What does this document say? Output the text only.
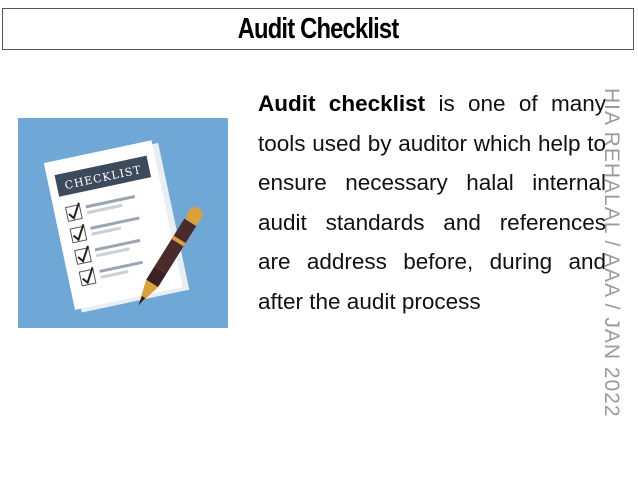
Audit Checklist
CHECKLIST
Audit checklist is one of many tools used by auditor which help to ensure necessary halal internal audit standards and references are address before, during and after the audit process	HIA REHALAL / AAA / JAN 2022
